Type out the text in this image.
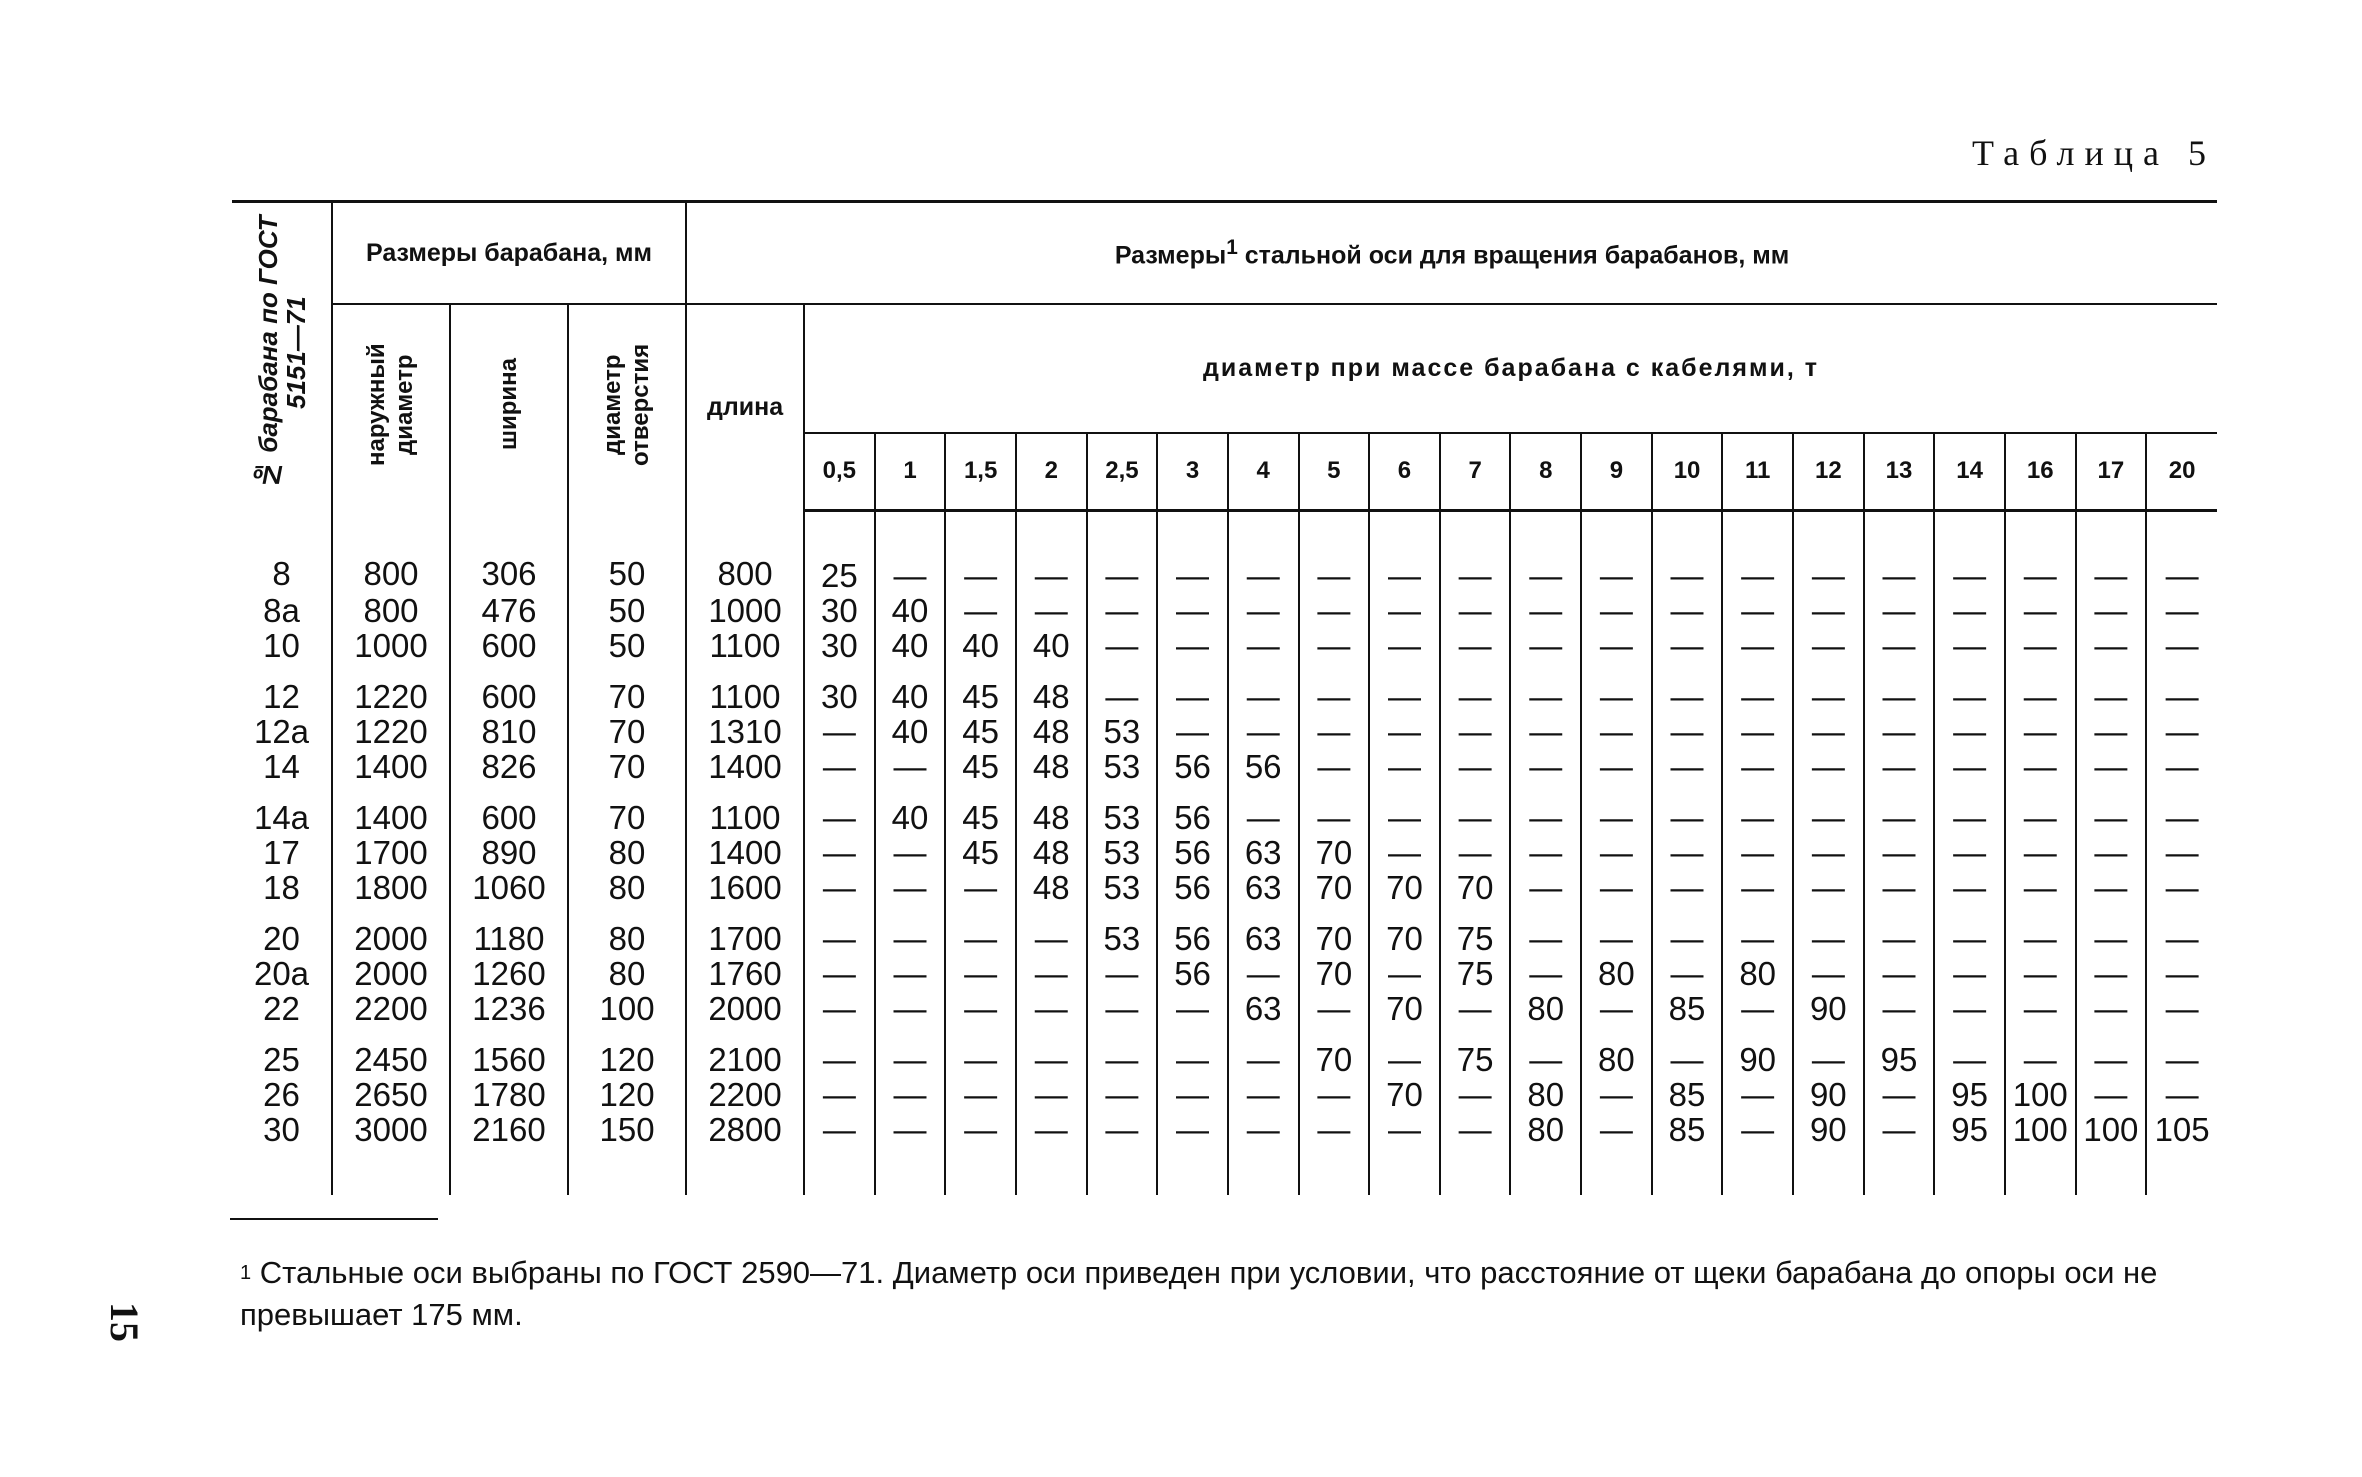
Таблица 5
№ барабана по ГОСТ 5151—71	Размеры барабана, мм			Размеры$^1$ стальной оси для вращения барабанов, мм																				
	наружный диаметр	ширина	диаметр отверстия	длина	диаметр при массе барабана с кабелями, т																			
					0,5	1	1,5	2	2,5	3	4	5	6	7	8	9	10	11	12	13	14	16	17	20
8	800	306	50	800	25	—	—	—	—	—	—	—	—	—	—	—	—	—	—	—	—	—	—	—
8а	800	476	50	1000	30	40	—	—	—	—	—	—	—	—	—	—	—	—	—	—	—	—	—	—
10	1000	600	50	1100	30	40	40	40	—	—	—	—	—	—	—	—	—	—	—	—	—	—	—	—
12	1220	600	70	1100	30	40	45	48	—	—	—	—	—	—	—	—	—	—	—	—	—	—	—	—
12а	1220	810	70	1310	—	40	45	48	53	—	—	—	—	—	—	—	—	—	—	—	—	—	—	—
14	1400	826	70	1400	—	—	45	48	53	56	56	—	—	—	—	—	—	—	—	—	—	—	—	—
14а	1400	600	70	1100	—	40	45	48	53	56	—	—	—	—	—	—	—	—	—	—	—	—	—	—
17	1700	890	80	1400	—	—	45	48	53	56	63	70	—	—	—	—	—	—	—	—	—	—	—	—
18	1800	1060	80	1600	—	—	—	48	53	56	63	70	70	70	—	—	—	—	—	—	—	—	—	—
20	2000	1180	80	1700	—	—	—	—	53	56	63	70	70	75	—	—	—	—	—	—	—	—	—	—
20а	2000	1260	80	1760	—	—	—	—	—	56	—	70	—	75	—	80	—	80	—	—	—	—	—	—
22	2200	1236	100	2000	—	—	—	—	—	—	63	—	70	—	80	—	85	—	90	—	—	—	—	—
25	2450	1560	120	2100	—	—	—	—	—	—	—	70	—	75	—	80	—	90	—	95	—	—	—	—
26	2650	1780	120	2200	—	—	—	—	—	—	—	—	70	—	80	—	85	—	90	—	95	100	—	—
30	3000	2160	150	2800	—	—	—	—	—	—	—	—	—	—	80	—	85	—	90	—	95	100	100	105
$^1$ Стальные оси выбраны по ГОСТ 2590—71. Диаметр оси приведен при условии, что расстояние от щеки барабана до опоры оси не превышает 175 мм.
15
